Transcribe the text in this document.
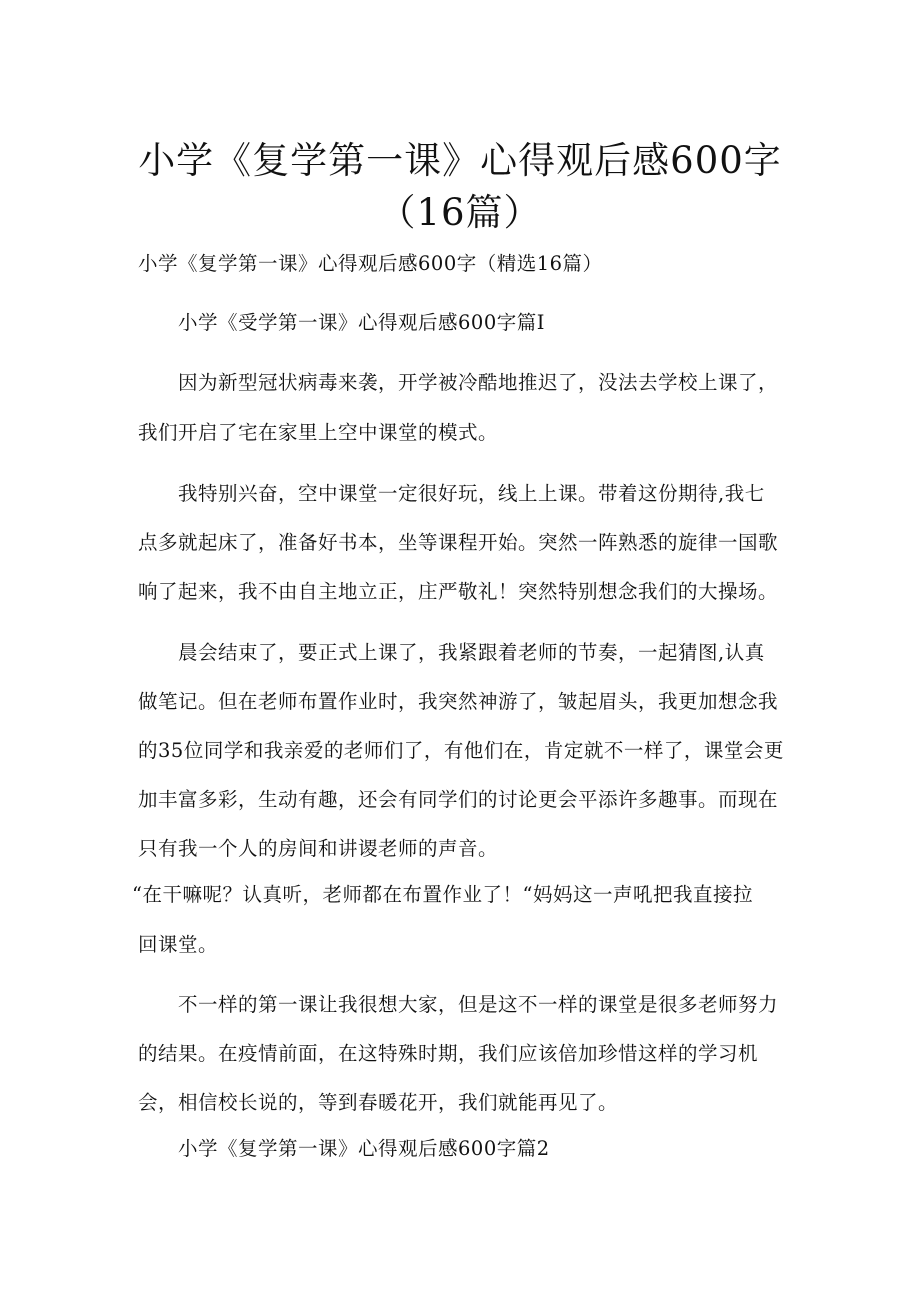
小学《复学第一课》心得观后感600字
（16篇）
小学《复学第一课》心得观后感600字（精选16篇）
小学《受学第一课》心得观后感600字篇I
因为新型冠状病毒来袭，开学被冷酷地推迟了，没法去学校上课了，
我们开启了宅在家里上空中课堂的模式。
我特别兴奋，空中课堂一定很好玩，线上上课。带着这份期待,我七
点多就起床了，准备好书本，坐等课程开始。突然一阵熟悉的旋律一国歌
响了起来，我不由自主地立正，庄严敬礼！突然特别想念我们的大操场。
晨会结束了，要正式上课了，我紧跟着老师的节奏，一起猜图,认真
做笔记。但在老师布置作业时，我突然神游了，皱起眉头，我更加想念我
的35位同学和我亲爱的老师们了，有他们在，肯定就不一样了，课堂会更
加丰富多彩，生动有趣，还会有同学们的讨论更会平添许多趣事。而现在
只有我一个人的房间和讲谡老师的声音。
“在干嘛呢？认真听，老师都在布置作业了！“妈妈这一声吼把我直接拉
回课堂。
不一样的第一课让我很想大家，但是这不一样的课堂是很多老师努力
的结果。在疫情前面，在这特殊时期，我们应该倍加珍惜这样的学习机
会，相信校长说的，等到春暖花开，我们就能再见了。
小学《复学第一课》心得观后感600字篇2
